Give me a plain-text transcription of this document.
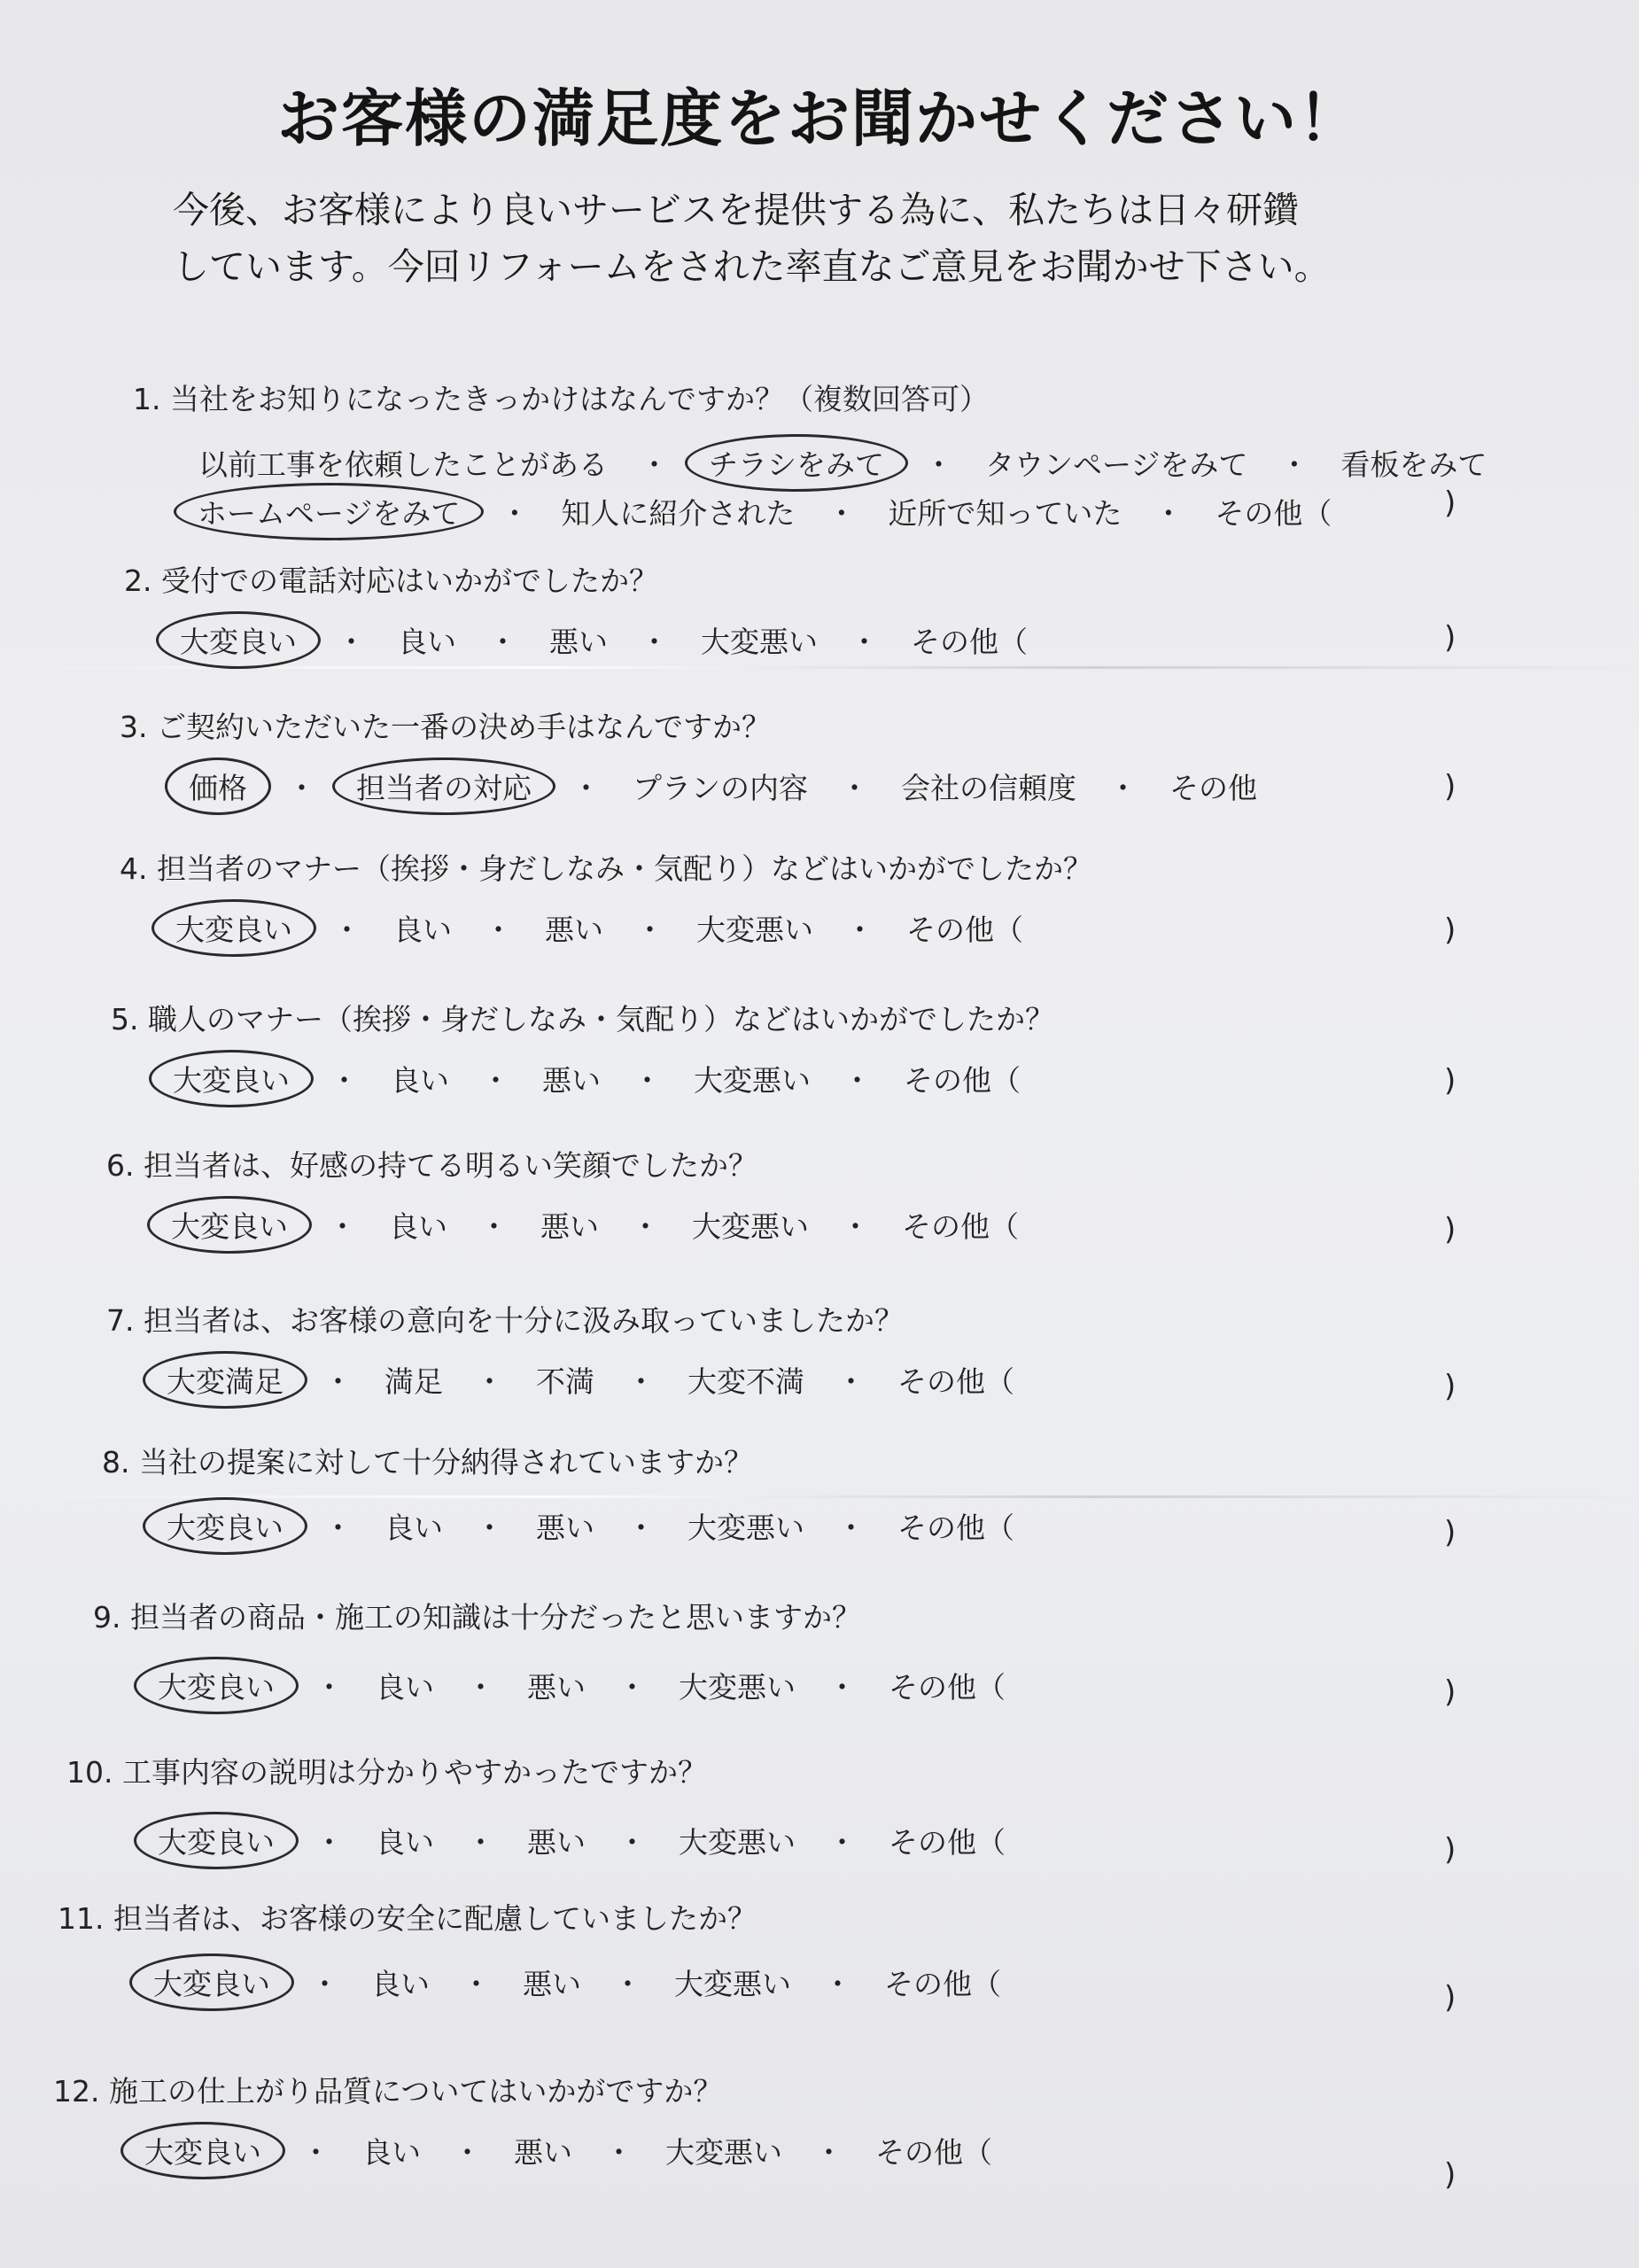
お客様の満足度をお聞かせください！
今後、お客様により良いサービスを提供する為に、私たちは日々研鑽
しています。今回リフォームをされた率直なご意見をお聞かせ下さい。
1. 当社をお知りになったきっかけはなんですか？（複数回答可）
以前工事を依頼したことがある ・ チラシをみて ・ タウンページをみて ・ 看板をみて
ホームページをみて ・ 知人に紹介された ・ 近所で知っていた ・ その他（	)
2. 受付での電話対応はいかがでしたか？
大変良い ・ 良い ・ 悪い ・ 大変悪い ・ その他（	)
3. ご契約いただいた一番の決め手はなんですか？
価格 ・ 担当者の対応 ・ プランの内容 ・ 会社の信頼度 ・ その他	)
4. 担当者のマナー（挨拶・身だしなみ・気配り）などはいかがでしたか？
大変良い ・ 良い ・ 悪い ・ 大変悪い ・ その他（	)
5. 職人のマナー（挨拶・身だしなみ・気配り）などはいかがでしたか？
大変良い ・ 良い ・ 悪い ・ 大変悪い ・ その他（	)
6. 担当者は、好感の持てる明るい笑顔でしたか？
大変良い ・ 良い ・ 悪い ・ 大変悪い ・ その他（	)
7. 担当者は、お客様の意向を十分に汲み取っていましたか？
大変満足 ・ 満足 ・ 不満 ・ 大変不満 ・ その他（	)
8. 当社の提案に対して十分納得されていますか？
大変良い ・ 良い ・ 悪い ・ 大変悪い ・ その他（	)
9. 担当者の商品・施工の知識は十分だったと思いますか？
大変良い ・ 良い ・ 悪い ・ 大変悪い ・ その他（	)
10. 工事内容の説明は分かりやすかったですか？
大変良い ・ 良い ・ 悪い ・ 大変悪い ・ その他（	)
11. 担当者は、お客様の安全に配慮していましたか？
大変良い ・ 良い ・ 悪い ・ 大変悪い ・ その他（	)
12. 施工の仕上がり品質についてはいかがですか？
大変良い ・ 良い ・ 悪い ・ 大変悪い ・ その他（
)
